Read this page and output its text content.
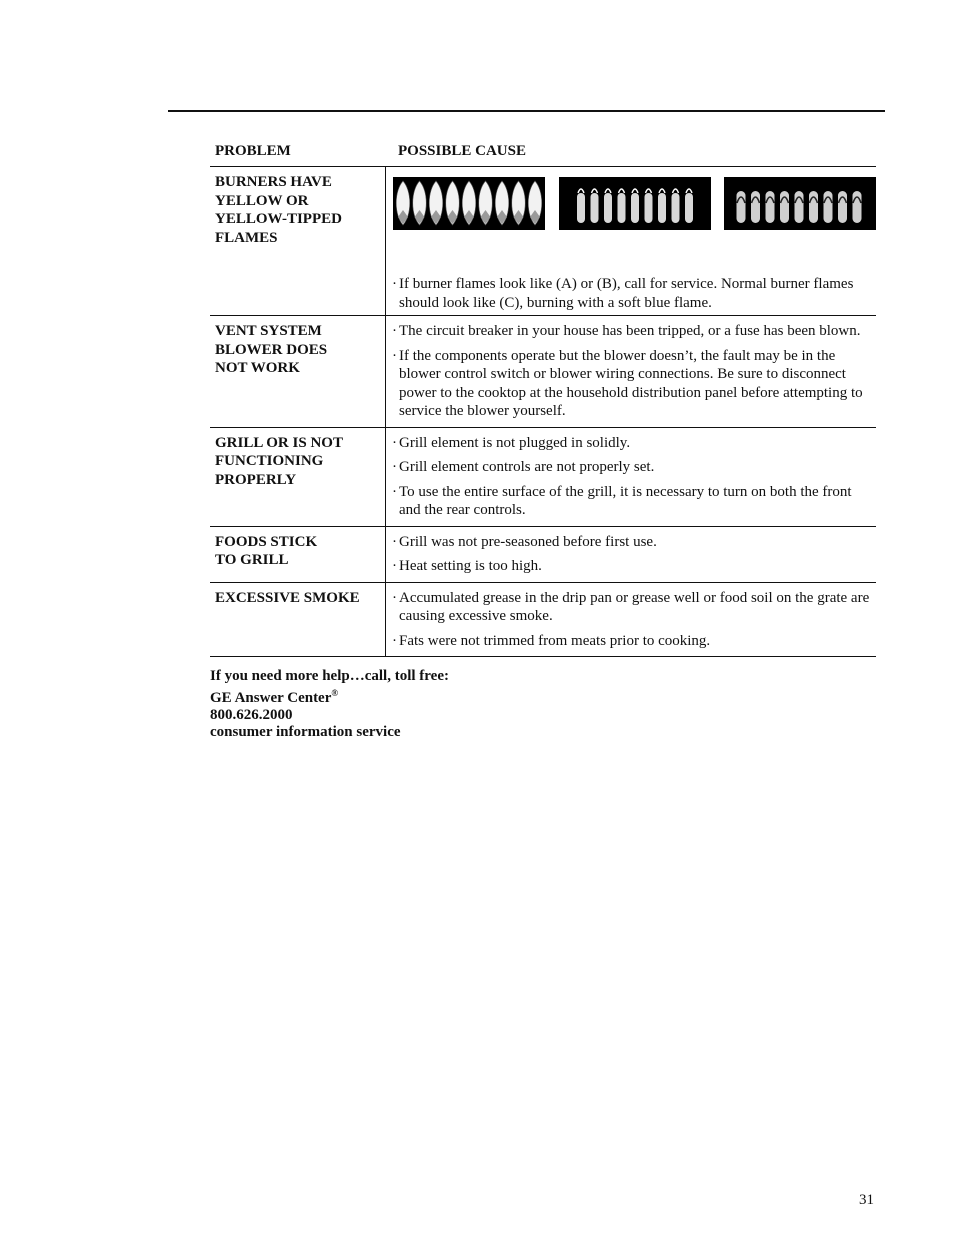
PROBLEM	POSSIBLE CAUSE
BURNERS HAVE
YELLOW OR
YELLOW-TIPPED
FLAMES
· If burner flames look like (A) or (B), call for service. Normal burner flames should look like (C), burning with a soft blue flame.
VENT SYSTEM
BLOWER DOES
NOT WORK
· The circuit breaker in your house has been tripped, or a fuse has been blown.
· If the components operate but the blower doesn’t, the fault may be in the blower control switch or blower wiring connections. Be sure to disconnect power to the cooktop at the household distribution panel before attempting to service the blower yourself.
GRILL OR IS NOT
FUNCTIONING
PROPERLY
· Grill element is not plugged in solidly.
· Grill element controls are not properly set.
· To use the entire surface of the grill, it is necessary to turn on both the front and the rear controls.
FOODS STICK
TO GRILL
· Grill was not pre-seasoned before first use.
· Heat setting is too high.
EXCESSIVE SMOKE
·	Accumulated grease in the drip pan or grease well or food soil on the grate are causing excessive smoke.
· Fats were not trimmed from meats prior to cooking.
If you need more help…call, toll free:
GE Answer Center®
800.626.2000
consumer information service
31
